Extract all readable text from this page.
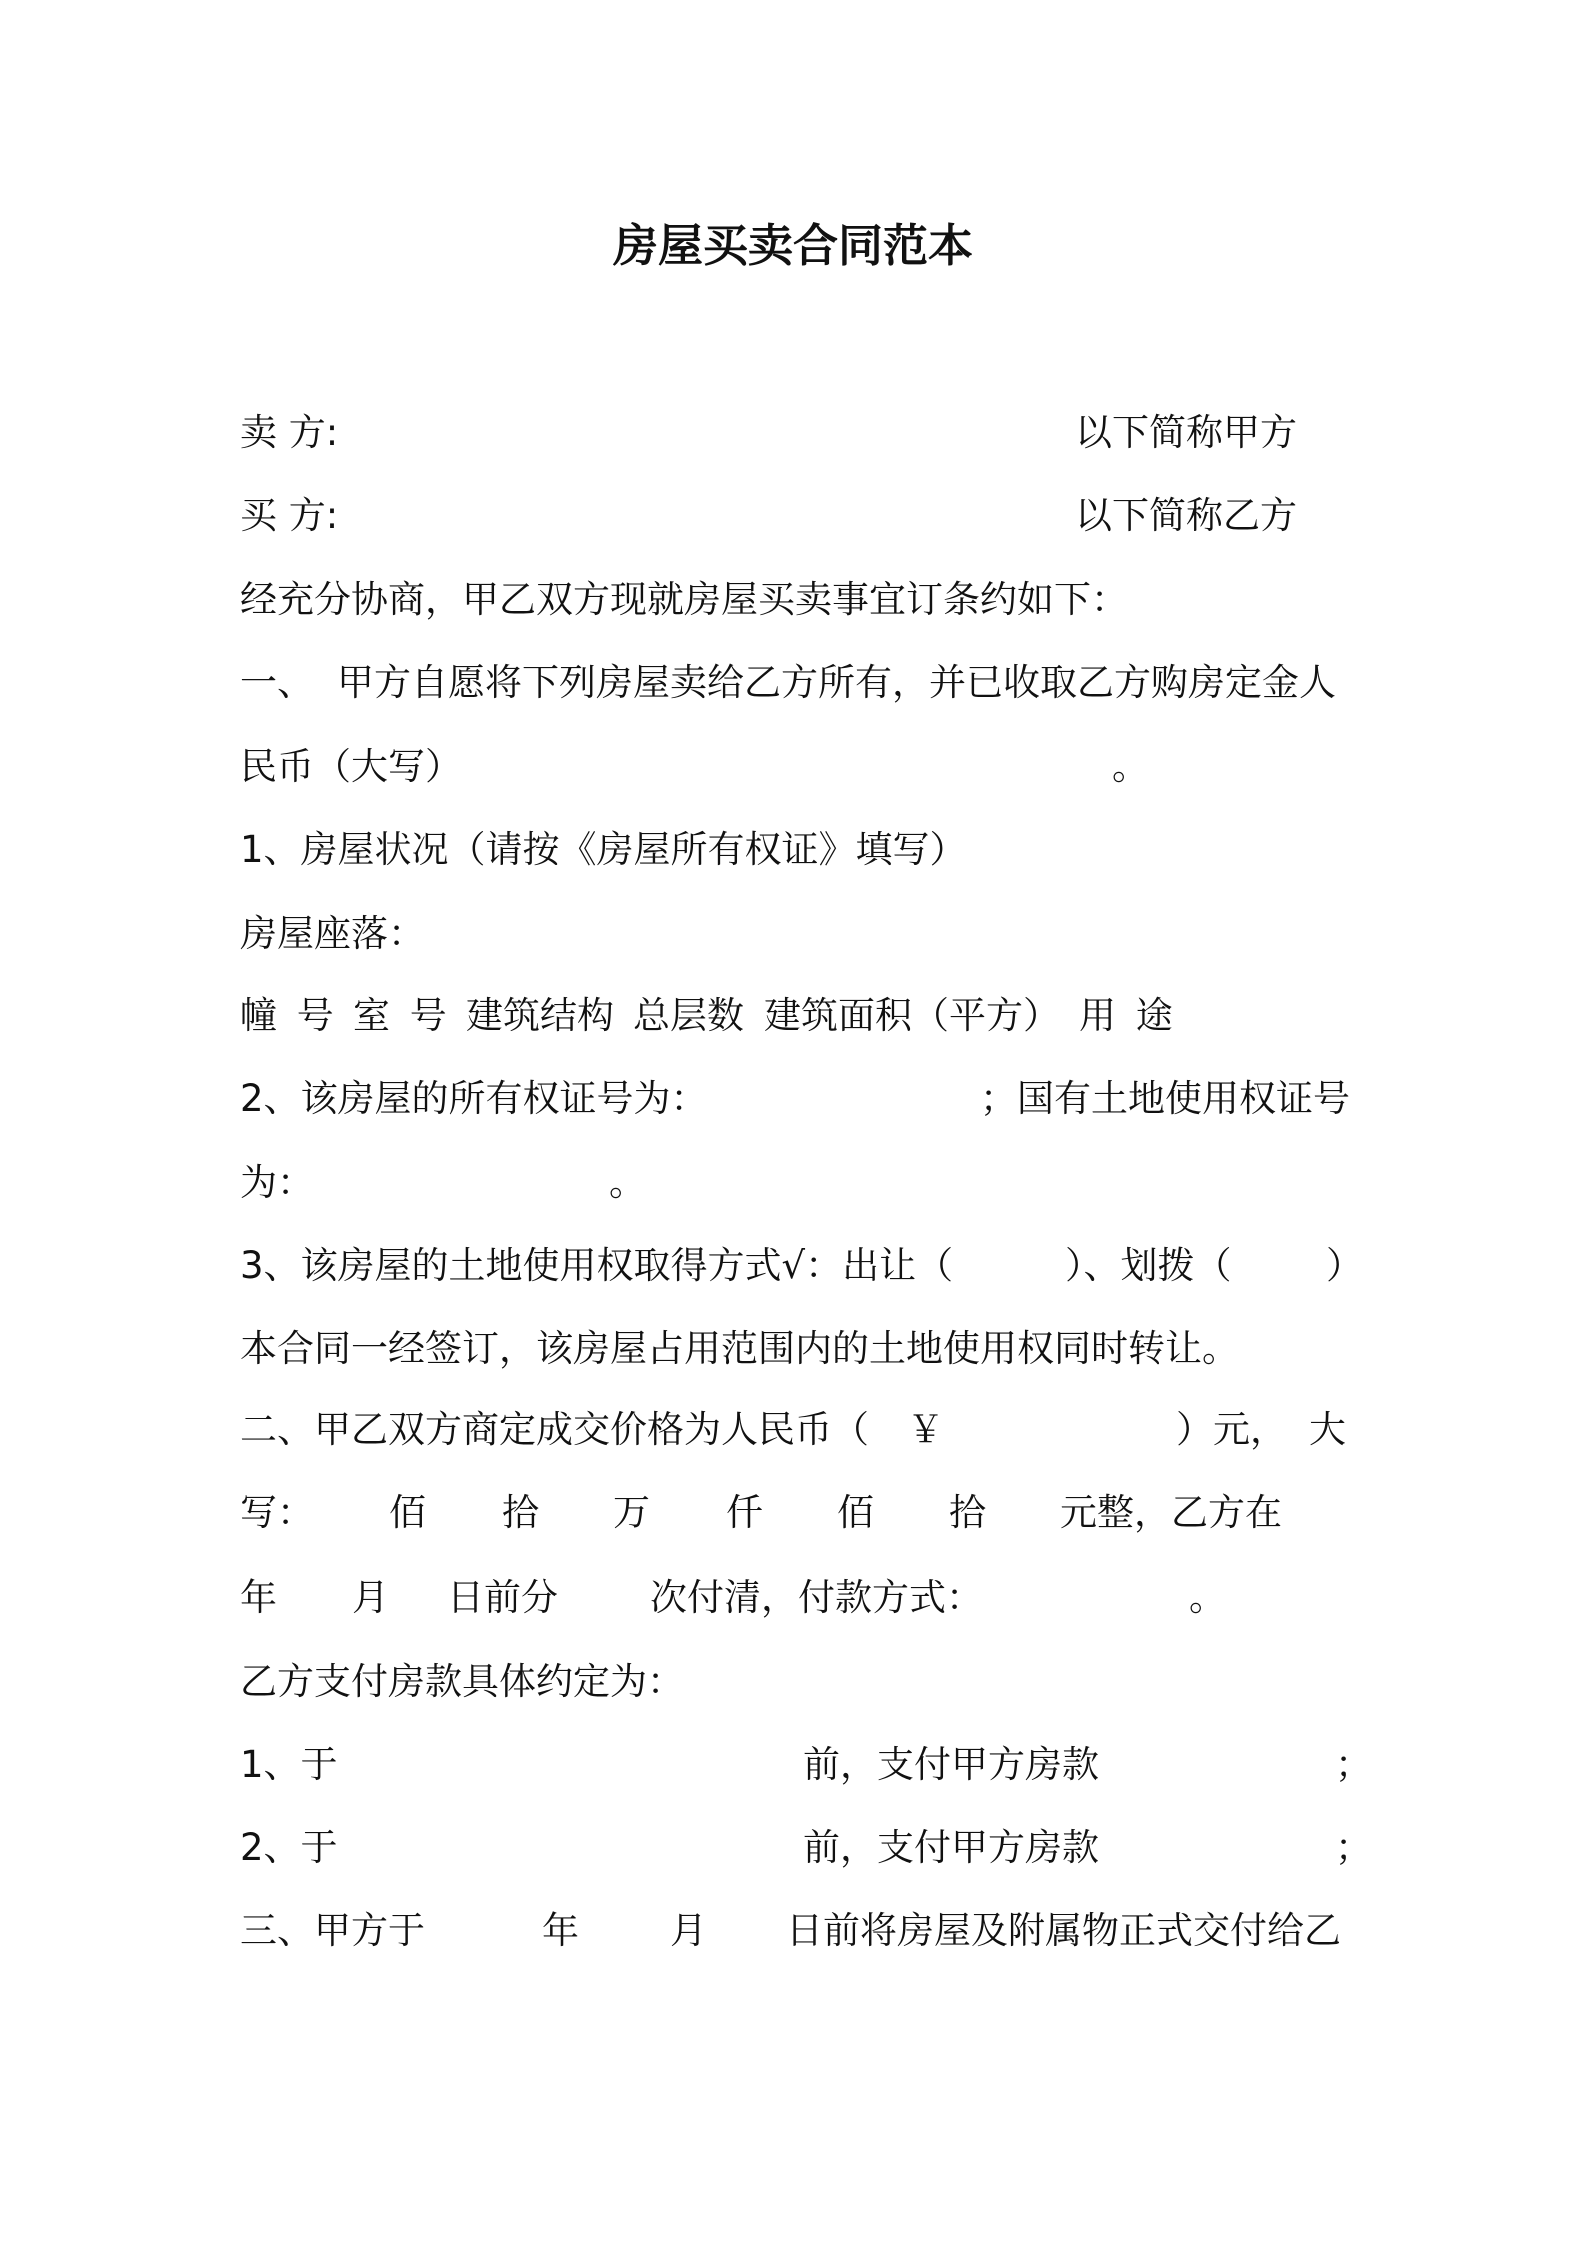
房屋买卖合同范本
卖 方:	以下简称甲方
买 方:	以下简称乙方
经充分协商，甲乙双方现就房屋买卖事宜订条约如下：
一、 甲方自愿将下列房屋卖给乙方所有，并已收取乙方购房定金人
民币（大写）	。
1、房屋状况（请按《房屋所有权证》填写）
房屋座落：
幢 号 室 号 建筑结构 总层数 建筑面积（平方） 用 途
2、该房屋的所有权证号为：	；国有土地使用权证号
为：	。
3、该房屋的土地使用权取得方式√：出让（	）、划拨（	）
本合同一经签订，该房屋占用范围内的土地使用权同时转让。
二、甲乙双方商定成交价格为人民币（ ￥	）元， 大
写： 佰 拾 万 仟 佰 拾 元整，乙方在
年 月 日前分 次付清，付款方式：	。
乙方支付房款具体约定为：
1、于	前，支付甲方房款	；
2、于	前，支付甲方房款	；
三、甲方于	年 月 日前将房屋及附属物正式交付给乙
